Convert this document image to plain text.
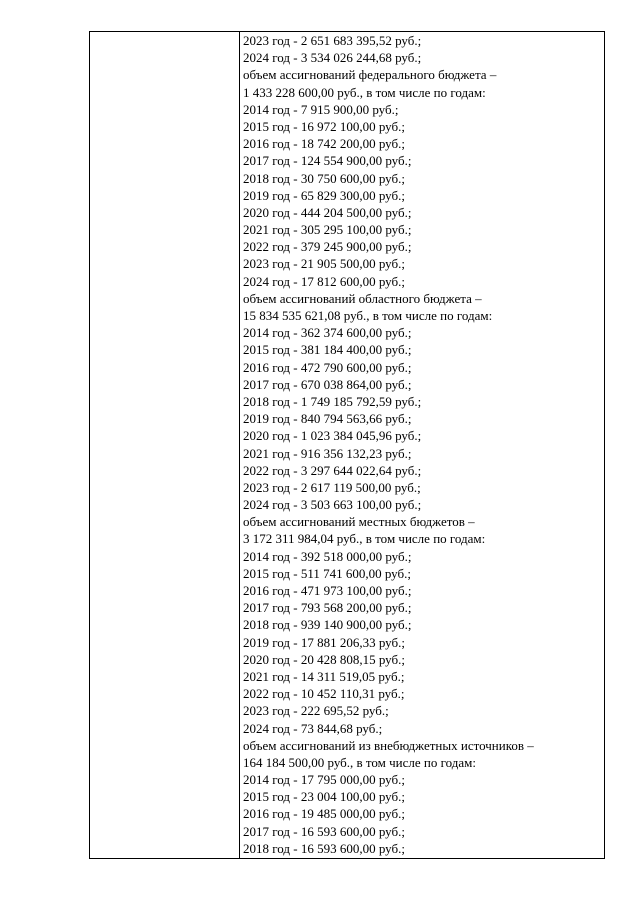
2023 год - 2 651 683 395,52 руб.;
2024 год - 3 534 026 244,68 руб.;
объем ассигнований федерального бюджета –
1 433 228 600,00 руб., в том числе по годам:
2014 год - 7 915 900,00 руб.;
2015 год - 16 972 100,00 руб.;
2016 год - 18 742 200,00 руб.;
2017 год - 124 554 900,00 руб.;
2018 год - 30 750 600,00 руб.;
2019 год - 65 829 300,00 руб.;
2020 год - 444 204 500,00 руб.;
2021 год - 305 295 100,00 руб.;
2022 год - 379 245 900,00 руб.;
2023 год - 21 905 500,00 руб.;
2024 год - 17 812 600,00 руб.;
объем ассигнований областного бюджета –
15 834 535 621,08 руб., в том числе по годам:
2014 год - 362 374 600,00 руб.;
2015 год - 381 184 400,00 руб.;
2016 год - 472 790 600,00 руб.;
2017 год - 670 038 864,00 руб.;
2018 год - 1 749 185 792,59 руб.;
2019 год - 840 794 563,66 руб.;
2020 год - 1 023 384 045,96 руб.;
2021 год - 916 356 132,23 руб.;
2022 год - 3 297 644 022,64 руб.;
2023 год - 2 617 119 500,00 руб.;
2024 год - 3 503 663 100,00 руб.;
объем ассигнований местных бюджетов –
3 172 311 984,04 руб., в том числе по годам:
2014 год - 392 518 000,00 руб.;
2015 год - 511 741 600,00 руб.;
2016 год - 471 973 100,00 руб.;
2017 год - 793 568 200,00 руб.;
2018 год - 939 140 900,00 руб.;
2019 год - 17 881 206,33 руб.;
2020 год - 20 428 808,15 руб.;
2021 год - 14 311 519,05 руб.;
2022 год - 10 452 110,31 руб.;
2023 год - 222 695,52 руб.;
2024 год - 73 844,68 руб.;
объем ассигнований из внебюджетных источников –
164 184 500,00 руб., в том числе по годам:
2014 год - 17 795 000,00 руб.;
2015 год - 23 004 100,00 руб.;
2016 год - 19 485 000,00 руб.;
2017 год - 16 593 600,00 руб.;
2018 год - 16 593 600,00 руб.;
